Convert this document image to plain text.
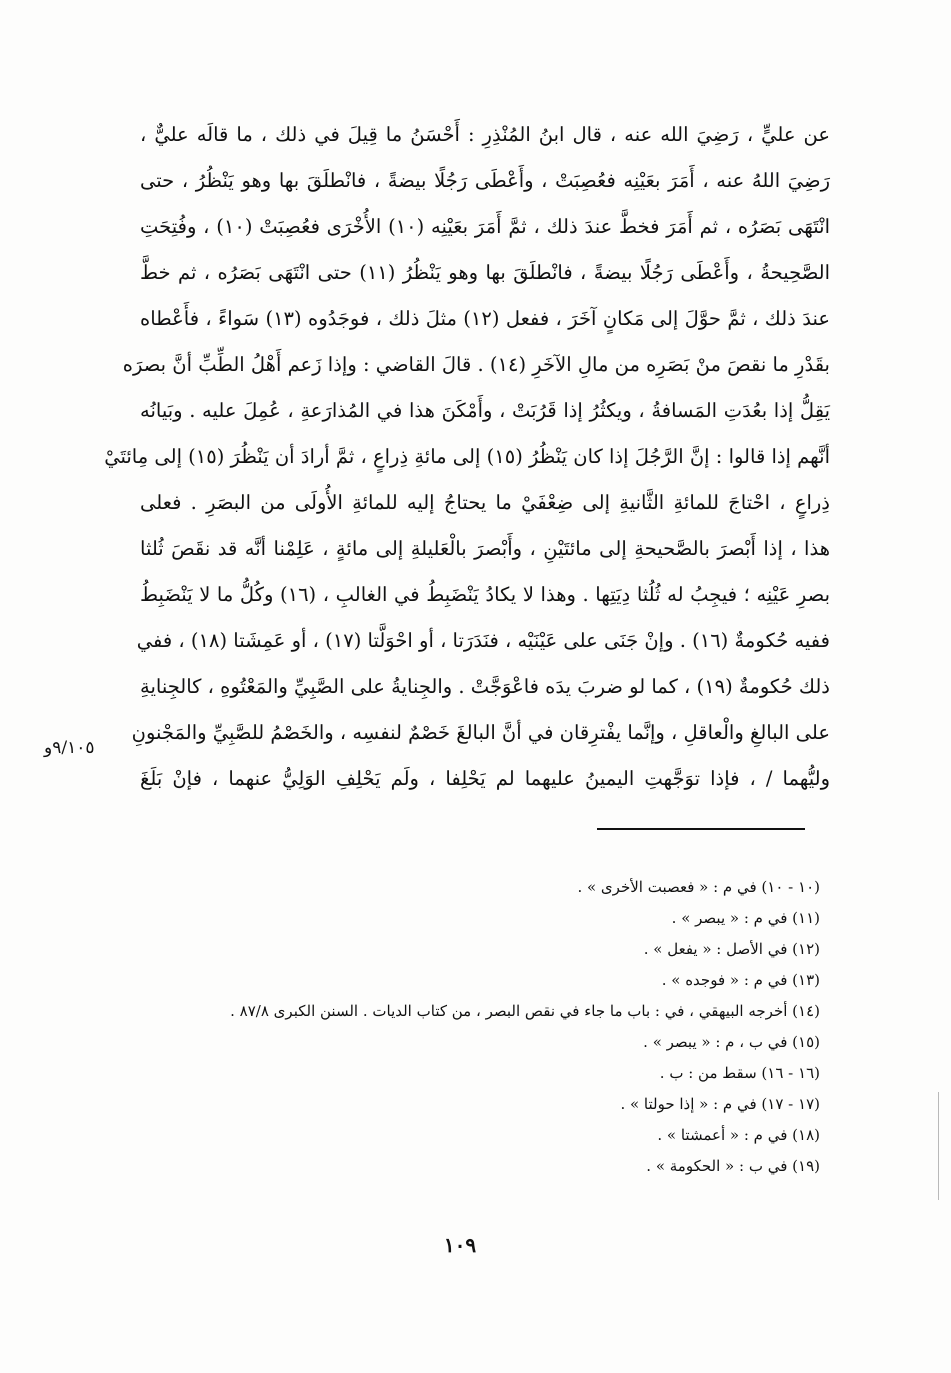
عن عليٍّ ، رَضِيَ الله عنه ، قال ابنُ المُنْذِرِ : أَحْسَنُ ما قِيلَ في ذلك ، ما قالَه عليٌّ ،
رَضِيَ اللهُ عنه ، أَمَرَ بعَيْنِه فعُصِبَتْ ، وأَعْطَى رَجُلًا بيضةً ، فانْطلَقَ بها وهو يَنْظُرُ ، حتى
انْتَهَى بَصَرُه ، ثم أَمَرَ فخطَّ عندَ ذلك ، ثمَّ أَمَرَ بعَيْنِه (١٠) الأُخْرَى فعُصِبَتْ (١٠) ، وفُتِحَتِ
الصَّحِيحةُ ، وأَعْطَى رَجُلًا بيضةً ، فانْطلَقَ بها وهو يَنْظُرُ (١١) حتى انْتَهَى بَصَرُه ، ثم خطَّ
عندَ ذلك ، ثمَّ حوَّلَ إلى مَكانٍ آخَرَ ، ففعل (١٢) مثلَ ذلك ، فوجَدُوه (١٣) سَواءً ، فأَعْطاه
بقَدْرِ ما نقصَ منْ بَصَرِه من مالِ الآخَرِ (١٤) . قالَ القاضي : وإذا زَعم أَهْلُ الطِّبِّ أنَّ بصرَه
يَقِلُّ إذا بعُدَتِ المَسافةُ ، ويكثُرُ إذا قَرُبَتْ ، وأَمْكَنَ هذا في المُذارَعةِ ، عُمِلَ عليه . وبَيانُه
أنَّهم إذا قالوا : إنَّ الرَّجُلَ إذا كان يَنْظُرُ (١٥) إلى مائةِ ذِراعٍ ، ثمَّ أرادَ أن يَنْظُرَ (١٥) إلى مِائتَيْ
ذِراعٍ ، احْتاجَ للمائةِ الثَّانيةِ إلى ضِعْفَيْ ما يحتاجُ إليه للمائةِ الأُولَى من البصَرِ . فعلى
هذا ، إذا أَبْصرَ بالصَّحيحةِ إلى مائتَيْنِ ، وأَبْصرَ بالْعَليلةِ إلى مائةٍ ، عَلِمْنا أنَّه قد نقَصَ ثُلثا
بصرِ عَيْنِه ؛ فيجِبُ له ثُلُثا دِيَتِها . وهذا لا يكادُ يَنْضَبِطُ في الغالبِ ، (١٦) وكُلُّ ما لا يَنْضَبِطُ
ففيه حُكومةٌ (١٦) . وإنْ جَنَى على عَيْنَيْه ، فنَدَرَتا ، أو احْوَلَّتا (١٧) ، أو عَمِشَتا (١٨) ، ففي
ذلك حُكومةٌ (١٩) ، كما لو ضربَ يدَه فاعْوَجَّتْ . والجِنايةُ على الصَّبِيِّ والمَعْتُوهِ ، كالجِنايةِ
على البالغِ والْعاقلِ ، وإنَّما يفْترِقان في أنَّ البالغَ خَصْمٌ لنفسِه ، والخَصْمُ للصَّبِيِّ والمَجْنونِ
وليُّهما / ، فإذا توَجَّهتِ اليمينُ عليهما لم يَحْلِفا ، ولَم يَحْلِفِ الوَلِيُّ عنهما ، فإنْ بَلَغَ
٩/١٠٥و
(١٠ - ١٠) في م : « فعصبت الأخرى » .
(١١) في م : « يبصر » .
(١٢) في الأصل : « يفعل » .
(١٣) في م : « فوجده » .
(١٤) أخرجه البيهقي ، في : باب ما جاء في نقص البصر ، من كتاب الديات . السنن الكبرى ٨٧/٨ .
(١٥) في ب ، م : « يبصر » .
(١٦ - ١٦) سقط من : ب .
(١٧ - ١٧) في م : « إذا حولتا » .
(١٨) في م : « أعمشتا » .
(١٩) في ب : « الحكومة » .
١٠٩
